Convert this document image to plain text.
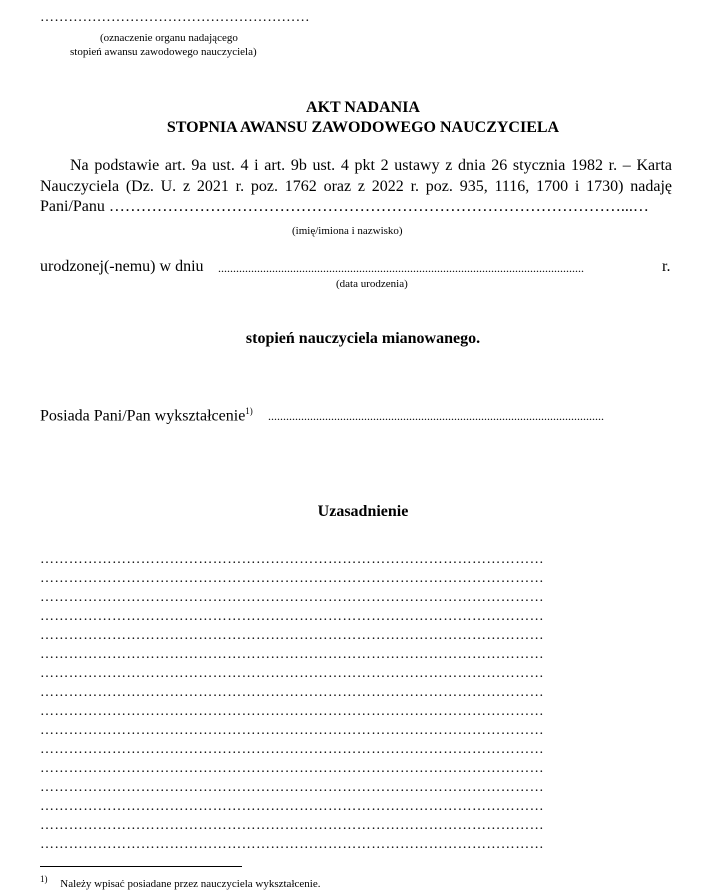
…………………………………………………
(oznaczenie organu nadającego
stopień awansu zawodowego nauczyciela)
AKT NADANIA
STOPNIA AWANSU ZAWODOWEGO NAUCZYCIELA
Na podstawie art. 9a ust. 4 i art. 9b ust. 4 pkt 2 ustawy z dnia 26 stycznia 1982 r. – Karta Nauczyciela (Dz. U. z 2021 r. poz. 1762 oraz z 2022 r. poz. 935, 1116, 1700 i 1730) nadaję Pani/Panu ……………………………………………………………………………………...…
(imię/imiona i nazwisko)
urodzonej(-nemu) w dniu ..........................................................................................................................	r.
(data urodzenia)
stopień nauczyciela mianowanego.
Posiada Pani/Pan wykształcenie$^{1)}$ ................................................................................................................
Uzasadnienie
……………………………………………………………………………………………
……………………………………………………………………………………………
……………………………………………………………………………………………
……………………………………………………………………………………………
……………………………………………………………………………………………
……………………………………………………………………………………………
……………………………………………………………………………………………
……………………………………………………………………………………………
……………………………………………………………………………………………
……………………………………………………………………………………………
……………………………………………………………………………………………
……………………………………………………………………………………………
……………………………………………………………………………………………
……………………………………………………………………………………………
……………………………………………………………………………………………
……………………………………………………………………………………………
$^{1)}$ Należy wpisać posiadane przez nauczyciela wykształcenie.
